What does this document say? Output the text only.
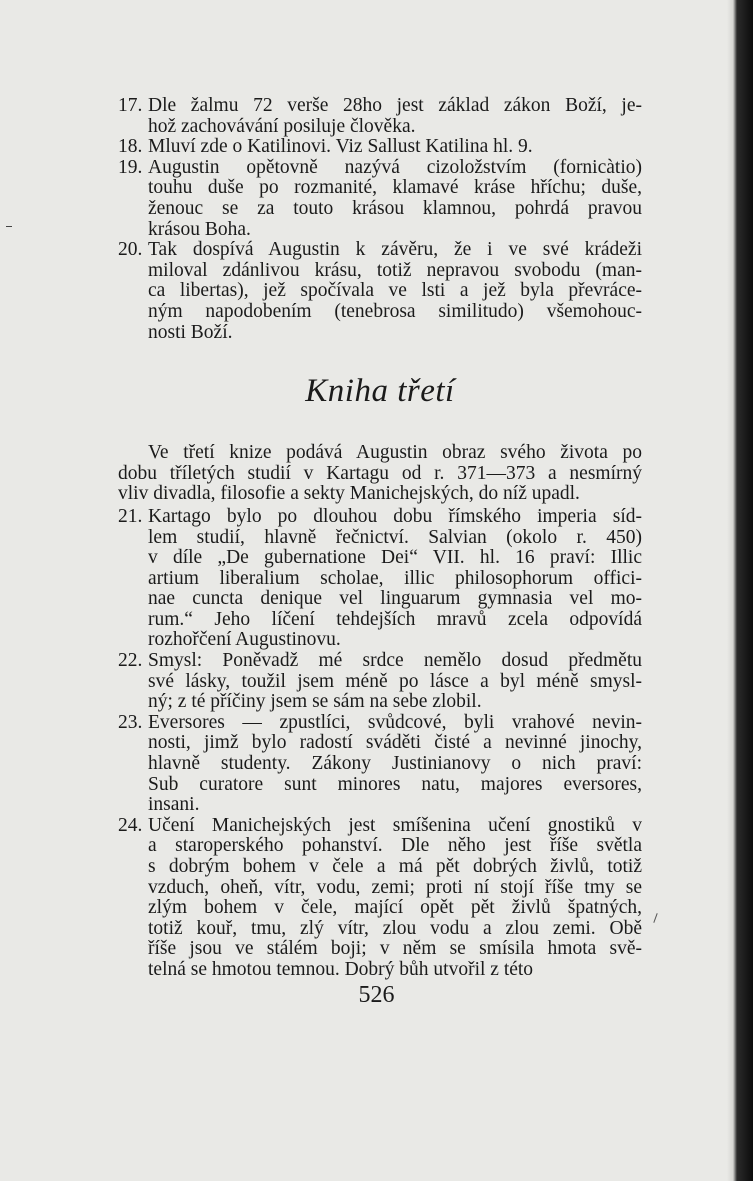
17. Dle žalmu 72 verše 28ho jest základ zákon Boží, je-
hož zachovávání posiluje člověka.
18. Mluví zde o Katilinovi. Viz Sallust Katilina hl. 9.
19. Augustin opětovně nazývá cizoložstvím (fornicàtio)
touhu duše po rozmanité, klamavé kráse hříchu; duše,
ženouc se za touto krásou klamnou, pohrdá pravou
krásou Boha.
20. Tak dospívá Augustin k závěru, že i ve své krádeži
miloval zdánlivou krásu, totiž nepravou svobodu (man-
ca libertas), jež spočívala ve lsti a jež byla převráce-
ným napodobením (tenebrosa similitudo) všemohouc-
nosti Boží.
Kniha třetí
Ve třetí knize podává Augustin obraz svého života po
dobu tříletých studií v Kartagu od r. 371—373 a nesmírný
vliv divadla, filosofie a sekty Manichejských, do níž upadl.
21. Kartago bylo po dlouhou dobu římského imperia síd-
lem studií, hlavně řečnictví. Salvian (okolo r. 450)
v díle „De gubernatione Dei“ VII. hl. 16 praví: Illic
artium liberalium scholae, illic philosophorum offici-
nae cuncta denique vel linguarum gymnasia vel mo-
rum.“ Jeho líčení tehdejších mravů zcela odpovídá
rozhořčení Augustinovu.
22. Smysl: Poněvadž mé srdce nemělo dosud předmětu
své lásky, toužil jsem méně po lásce a byl méně smysl-
ný; z té příčiny jsem se sám na sebe zlobil.
23. Eversores — zpustlíci, svůdcové, byli vrahové nevin-
nosti, jimž bylo radostí sváděti čisté a nevinné jinochy,
hlavně studenty. Zákony Justinianovy o nich praví:
Sub curatore sunt minores natu, majores eversores,
insani.
24. Učení Manichejských jest smíšenina učení gnostiků v
a staroperského pohanství. Dle něho jest říše světla
s dobrým bohem v čele a má pět dobrých živlů, totiž
vzduch, oheň, vítr, vodu, zemi; proti ní stojí říše tmy se
zlým bohem v čele, mající opět pět živlů špatných,
totiž kouř, tmu, zlý vítr, zlou vodu a zlou zemi. Obě
říše jsou ve stálém boji; v něm se smísila hmota svě-
telná se hmotou temnou. Dobrý bůh utvořil z této
526
